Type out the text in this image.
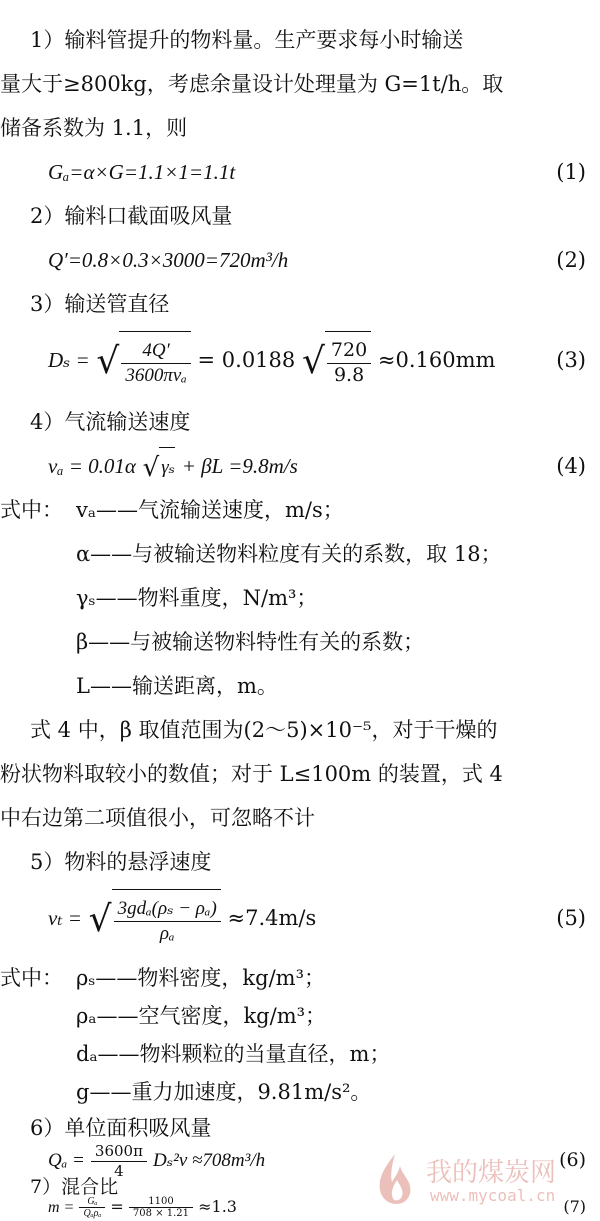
1）输料管提升的物料量。生产要求每小时输送
量大于≥800kg，考虑余量设计处理量为 G=1t/h。取
储备系数为 1.1，则
Gₐ=α×G=1.1×1=1.1t	(1)
2）输料口截面吸风量
Q′=0.8×0.3×3000=720m³/h	(2)
3）输送管直径
Dₛ = √ $\frac{4Q'}{\text{3600πvₐ}} = 0.0188$ √ $\frac{720}{9.8} \approx 0.160mm$	(3)
4）气流输送速度
vₐ = 0.01α √ γₛ + βL =9.8m/s	(4)
式中： vₐ——气流输送速度，m/s；
α——与被输送物料粒度有关的系数，取 18；
γₛ——物料重度，N/m³；
β——与被输送物料特性有关的系数；
L——输送距离，m。
式 4 中，β 取值范围为(2～5)×10⁻⁵，对于干燥的
粉状物料取较小的数值；对于 L≤100m 的装置，式 4
中右边第二项值很小，可忽略不计
5）物料的悬浮速度
vₜ = √ $\frac{\text{3gdₐ(ρₛ − ρₐ)}}{\text{ρₐ}} \approx 7.4m/s$	(5)
式中： ρₛ——物料密度，kg/m³；
ρₐ——空气密度，kg/m³；
dₐ——物料颗粒的当量直径，m；
g——重力加速度，9.81m/s²。
6）单位面积吸风量
$Q_a = \frac{3600\pi}{4} D_s^2v \approx 708m^3/h$	(6)
7）混合比
$m = \frac{\text{Gₐ}}{\text{Qₐρₐ}} = \frac{1100}{708 \times 1.21} \approx 1.3$	(7)
我的煤炭网
www.mycoal.cn
